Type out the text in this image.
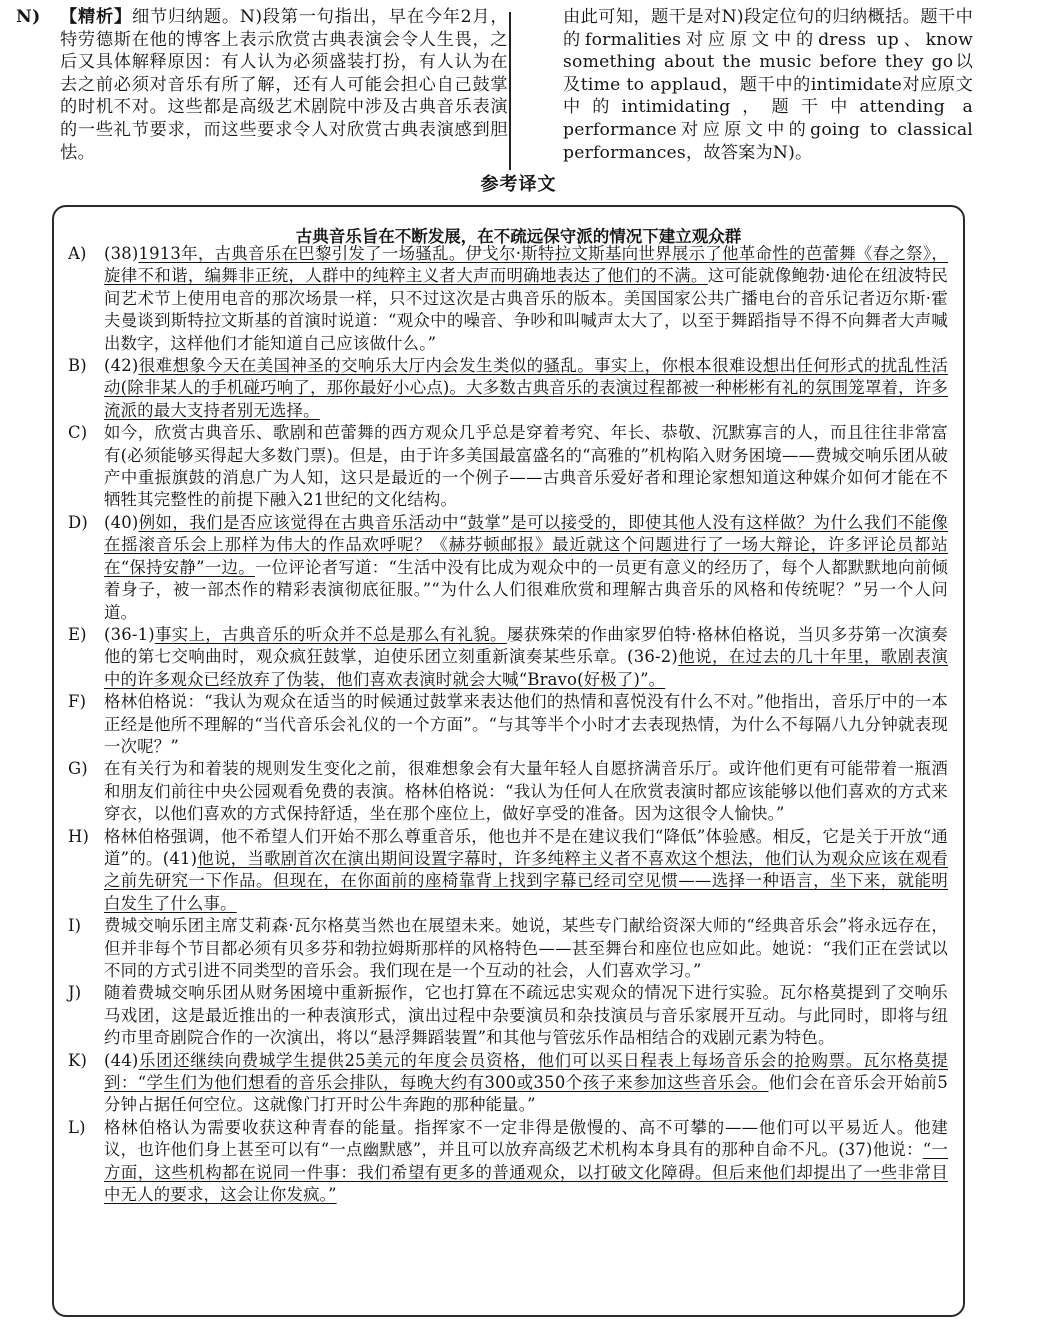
N)	【精析】细节归纳题。N)段第一句指出，早在今年2月，特劳德斯在他的博客上表示欣赏古典表演会令人生畏，之后又具体解释原因：有人认为必须盛装打扮，有人认为在去之前必须对音乐有所了解，还有人可能会担心自己鼓掌的时机不对。这些都是高级艺术剧院中涉及古典音乐表演的一些礼节要求，而这些要求令人对欣赏古典表演感到胆怯。
由此可知，题干是对N)段定位句的归纳概括。题干中的formalities对应原文中的dress up、know something about the music before they go以及time to applaud，题干中的intimidate对应原文中的intimidating，题干中attending a performance对应原文中的going to classical performances，故答案为N)。
参考译文
古典音乐旨在不断发展，在不疏远保守派的情况下建立观众群
A) (38)1913年，古典音乐在巴黎引发了一场骚乱。伊戈尔·斯特拉文斯基向世界展示了他革命性的芭蕾舞《春之祭》，旋律不和谐，编舞非正统，人群中的纯粹主义者大声而明确地表达了他们的不满。这可能就像鲍勃·迪伦在纽波特民间艺术节上使用电音的那次场景一样，只不过这次是古典音乐的版本。美国国家公共广播电台的音乐记者迈尔斯·霍夫曼谈到斯特拉文斯基的首演时说道：“观众中的噪音、争吵和叫喊声太大了，以至于舞蹈指导不得不向舞者大声喊出数字，这样他们才能知道自己应该做什么。”
B) (42)很难想象今天在美国神圣的交响乐大厅内会发生类似的骚乱。事实上，你根本很难设想出任何形式的扰乱性活动(除非某人的手机碰巧响了，那你最好小心点)。大多数古典音乐的表演过程都被一种彬彬有礼的氛围笼罩着，许多流派的最大支持者别无选择。
C) 如今，欣赏古典音乐、歌剧和芭蕾舞的西方观众几乎总是穿着考究、年长、恭敬、沉默寡言的人，而且往往非常富有(必须能够买得起大多数门票)。但是，由于许多美国最富盛名的“高雅的”机构陷入财务困境——费城交响乐团从破产中重振旗鼓的消息广为人知，这只是最近的一个例子——古典音乐爱好者和理论家想知道这种媒介如何才能在不牺牲其完整性的前提下融入21世纪的文化结构。
D) (40)例如，我们是否应该觉得在古典音乐活动中“鼓掌”是可以接受的，即使其他人没有这样做？为什么我们不能像在摇滚音乐会上那样为伟大的作品欢呼呢？《赫芬顿邮报》最近就这个问题进行了一场大辩论，许多评论员都站在“保持安静”一边。一位评论者写道：“生活中没有比成为观众中的一员更有意义的经历了，每个人都默默地向前倾着身子，被一部杰作的精彩表演彻底征服。”“为什么人们很难欣赏和理解古典音乐的风格和传统呢？”另一个人问道。
E) (36-1)事实上，古典音乐的听众并不总是那么有礼貌。屡获殊荣的作曲家罗伯特·格林伯格说，当贝多芬第一次演奏他的第七交响曲时，观众疯狂鼓掌，迫使乐团立刻重新演奏某些乐章。(36-2)他说，在过去的几十年里，歌剧表演中的许多观众已经放弃了伪装，他们喜欢表演时就会大喊“Bravo(好极了)”。
F) 格林伯格说：“我认为观众在适当的时候通过鼓掌来表达他们的热情和喜悦没有什么不对。”他指出，音乐厅中的一本正经是他所不理解的“当代音乐会礼仪的一个方面”。“与其等半个小时才去表现热情，为什么不每隔八九分钟就表现一次呢？”
G) 在有关行为和着装的规则发生变化之前，很难想象会有大量年轻人自愿挤满音乐厅。或许他们更有可能带着一瓶酒和朋友们前往中央公园观看免费的表演。格林伯格说：“我认为任何人在欣赏表演时都应该能够以他们喜欢的方式来穿衣，以他们喜欢的方式保持舒适，坐在那个座位上，做好享受的准备。因为这很令人愉快。”
H) 格林伯格强调，他不希望人们开始不那么尊重音乐，他也并不是在建议我们“降低”体验感。相反，它是关于开放“通道”的。(41)他说，当歌剧首次在演出期间设置字幕时，许多纯粹主义者不喜欢这个想法，他们认为观众应该在观看之前先研究一下作品。但现在，在你面前的座椅靠背上找到字幕已经司空见惯——选择一种语言，坐下来，就能明白发生了什么事。
I) 费城交响乐团主席艾莉森·瓦尔格莫当然也在展望未来。她说，某些专门献给资深大师的“经典音乐会”将永远存在，但并非每个节目都必须有贝多芬和勃拉姆斯那样的风格特色——甚至舞台和座位也应如此。她说：“我们正在尝试以不同的方式引进不同类型的音乐会。我们现在是一个互动的社会，人们喜欢学习。”
J) 随着费城交响乐团从财务困境中重新振作，它也打算在不疏远忠实观众的情况下进行实验。瓦尔格莫提到了交响乐马戏团，这是最近推出的一种表演形式，演出过程中杂要演员和杂技演员与音乐家展开互动。与此同时，即将与纽约市里奇剧院合作的一次演出，将以“悬浮舞蹈装置”和其他与管弦乐作品相结合的戏剧元素为特色。
K) (44)乐团还继续向费城学生提供25美元的年度会员资格，他们可以买日程表上每场音乐会的抢购票。瓦尔格莫提到：“学生们为他们想看的音乐会排队，每晚大约有300或350个孩子来参加这些音乐会。他们会在音乐会开始前5分钟占据任何空位。这就像门打开时公牛奔跑的那种能量。”
L) 格林伯格认为需要收获这种青春的能量。指挥家不一定非得是傲慢的、高不可攀的——他们可以平易近人。他建议，也许他们身上甚至可以有“一点幽默感”，并且可以放弃高级艺术机构本身具有的那种自命不凡。(37)他说：“一方面，这些机构都在说同一件事：我们希望有更多的普通观众，以打破文化障碍。但后来他们却提出了一些非常目中无人的要求，这会让你发疯。”
